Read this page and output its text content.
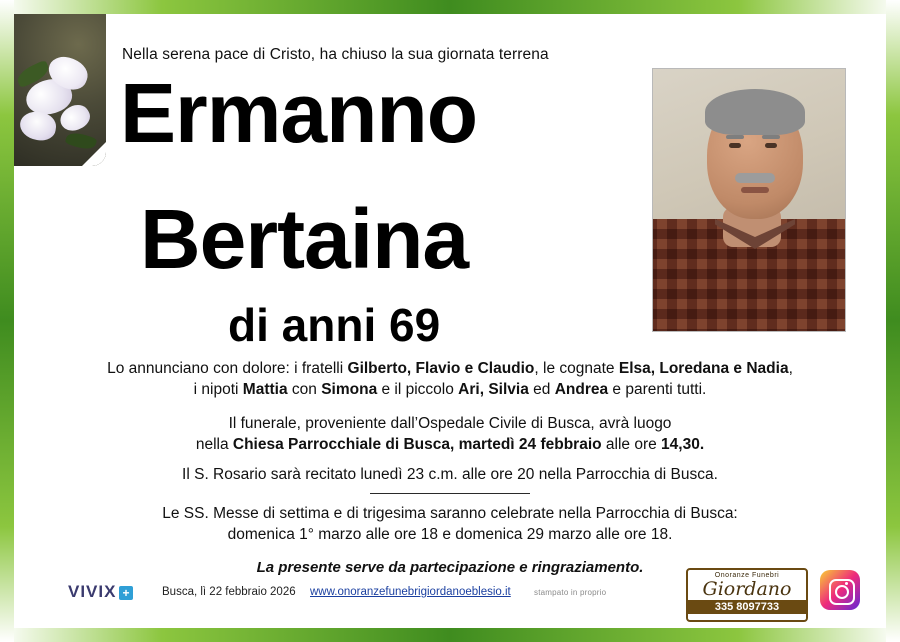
Nella serena pace di Cristo, ha chiuso la sua giornata terrena
Ermanno
Bertaina
di anni 69
Lo annunciano con dolore: i fratelli Gilberto, Flavio e Claudio, le cognate Elsa, Loredana e Nadia,
i nipoti Mattia con Simona e il piccolo Ari, Silvia ed Andrea e parenti tutti.
Il funerale, proveniente dall’Ospedale Civile di Busca, avrà luogo
nella Chiesa Parrocchiale di Busca, martedì 24 febbraio alle ore 14,30.
Il S. Rosario sarà recitato lunedì 23 c.m. alle ore 20 nella Parrocchia di Busca.
Le SS. Messe di settima e di trigesima saranno celebrate nella Parrocchia di Busca:
domenica 1° marzo alle ore 18 e domenica 29 marzo alle ore 18.
La presente serve da partecipazione e ringraziamento.
VIVIX +	Busca, lì 22 febbraio 2026 www.onoranzefunebrigiordanoeblesio.it	stampato in proprio
Onoranze Funebri
Giordano
335 8097733
